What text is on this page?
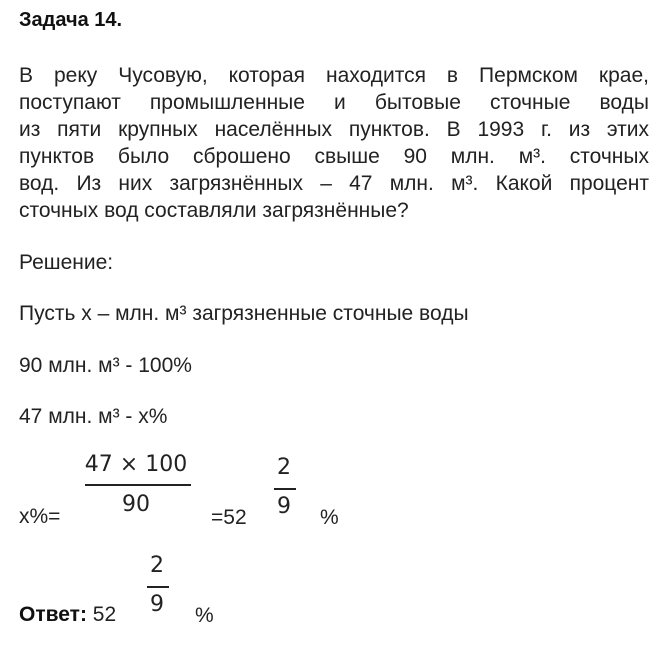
Задача 14.
В реку Чусовую, которая находится в Пермском крае,
поступают промышленные и бытовые сточные воды
из пяти крупных населённых пунктов. В 1993 г. из этих
пунктов было сброшено свыше 90 млн. м³. сточных
вод. Из них загрязнённых – 47 млн. м³. Какой процент
сточных вод составляли загрязнённые?
Решение:
Пусть х – млн. м³ загрязненные сточные воды
90 млн. м³ - 100%
47 млн. м³ - х%
х%=
47 × 100
90
=52
2
9 %
Ответ: 52
2
9 %
